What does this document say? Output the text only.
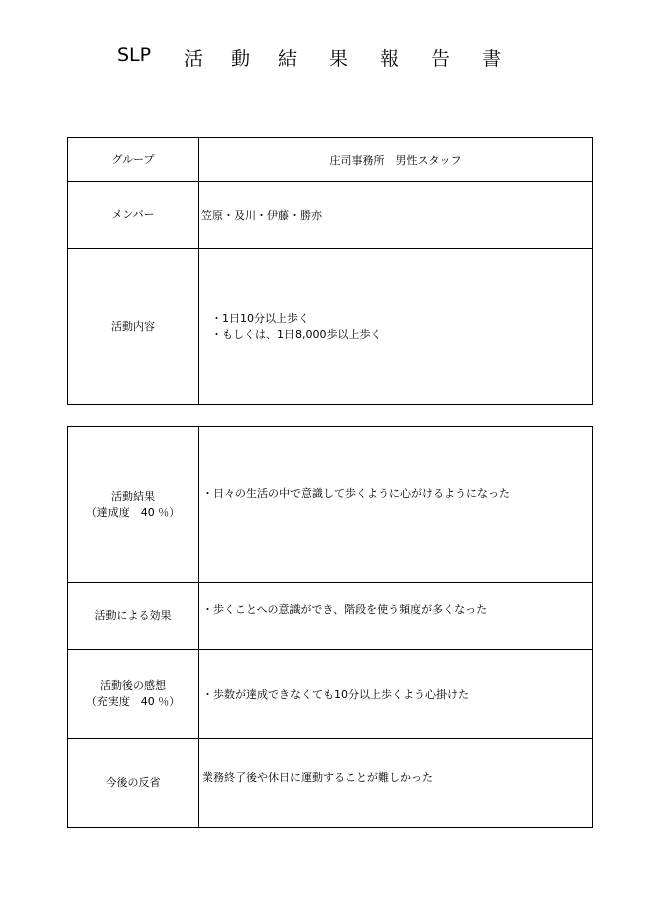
SLP 活 動 結 果 報 告 書
グループ	庄司事務所　男性スタッフ
メンバー	笠原・及川・伊藤・勝亦
活動内容	・1日10分以上歩く
・もしくは、1日8,000歩以上歩く
活動結果
（達成度　40 ％）	・日々の生活の中で意識して歩くように心がけるようになった
活動による効果	・歩くことへの意識ができ、階段を使う頻度が多くなった

活動後の感想
（充実度　40 ％）	・歩数が達成できなくても10分以上歩くよう心掛けた
今後の反省	業務終了後や休日に運動することが難しかった
